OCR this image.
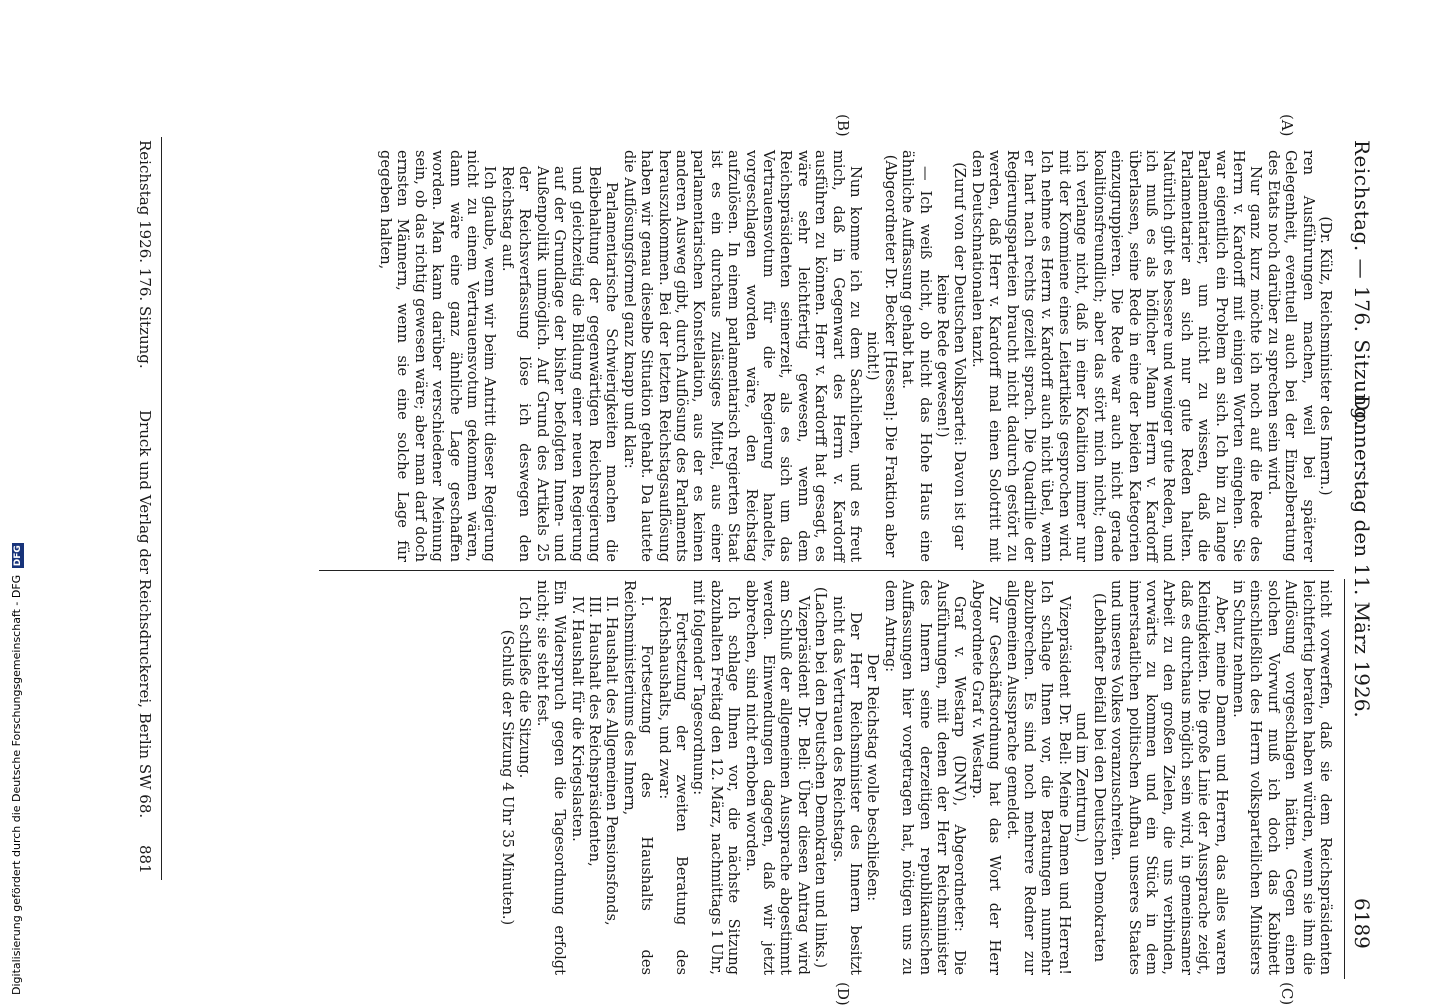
Reichstag. — 176. Sitzung.
Donnerstag den 11. März 1926.
6189
(A)
(B)
(C)
(D)

(Dr. Külz, Reichsminister des Innern.)

ren Ausführungen machen, weil bei späterer Gelegenheit, eventuell auch bei der Einzelberatung des Etats noch darüber zu sprechen sein wird.

Nur ganz kurz möchte ich noch auf die Rede des Herrn v. Kardorff mit einigen Worten eingehen. Sie war eigentlich ein Problem an sich. Ich bin zu lange Parlamentarier, um nicht zu wissen, daß die Parlamentarier an sich nur gute Reden halten. Natürlich gibt es bessere und weniger gute Reden, und ich muß es als höflicher Mann Herrn v. Kardorff überlassen, seine Rede in eine der beiden Kategorien einzugruppieren. Die Rede war auch nicht gerade koalitionsfreundlich; aber das stört mich nicht; denn ich verlange nicht, daß in einer Koalition immer nur mit der Kommiene eines Leitartikels gesprochen wird. Ich nehme es Herrn v. Kardorff auch nicht übel, wenn er hart nach rechts gezielt sprach. Die Quadrille der Regierungsparteien braucht nicht dadurch gestört zu werden, daß Herr v. Kardorff mal einen Solotritt mit den Deutschnationalen tanzt.

(Zuruf von der Deutschen Volkspartei: Davon ist gar keine Rede gewesen!)

— Ich weiß nicht, ob nicht das Hohe Haus eine ähnliche Auffassung gehabt hat.

(Abgeordneter Dr. Becker [Hessen]: Die Fraktion aber nicht!)

Nun komme ich zu dem Sachlichen, und es freut mich, daß in Gegenwart des Herrn v. Kardorff ausführen zu können. Herr v. Kardorff hat gesagt, es wäre sehr leichtfertig gewesen, wenn dem Reichspräsidenten seinerzeit, als es sich um das Vertrauensvotum für die Regierung handelte, vorgeschlagen worden wäre, den Reichstag aufzulösen. In einem parlamentarisch regierten Staat ist es ein durchaus zulässiges Mittel, aus einer parlamentarischen Konstellation, aus der es keinen anderen Ausweg gibt, durch Auflösung des Parlaments herauszukommen. Bei der letzten Reichstagsauflösung haben wir genau dieselbe Situation gehabt. Da lautete die Auflösungsformel ganz knapp und klar:

Parlamentarische Schwierigkeiten machen die Beibehaltung der gegenwärtigen Reichsregierung und gleichzeitig die Bildung einer neuen Regierung auf der Grundlage der bisher befolgten Innen- und Außenpolitik unmöglich. Auf Grund des Artikels 25 der Reichsverfassung löse ich deswegen den Reichstag auf.

Ich glaube, wenn wir beim Antritt dieser Regierung nicht zu einem Vertrauensvotum gekommen wären, dann wäre eine ganz ähnliche Lage geschaffen worden. Man kann darüber verschiedener Meinung sein, ob das richtig gewesen wäre; aber man darf doch ernsten Männern, wenn sie eine solche Lage für gegeben halten,

nicht vorwerfen, daß sie dem Reichspräsidenten leichtfertig beraten haben würden, wenn sie ihm die Auflösung vorgeschlagen hätten. Gegen einen solchen Vorwurf muß ich doch das Kabinett einschließlich des Herrn volksparteilichen Ministers in Schutz nehmen.

Aber, meine Damen und Herren, das alles waren Kleinigkeiten. Die große Linie der Aussprache zeigt, daß es durchaus möglich sein wird, in gemeinsamer Arbeit zu den großen Zielen, die uns verbinden, vorwärts zu kommen und ein Stück in dem innerstaatlichen politischen Aufbau unseres Staates und unseres Volkes voranzuschreiten.

(Lebhafter Beifall bei den Deutschen Demokraten und im Zentrum.)

Vizepräsident Dr. Bell: Meine Damen und Herren! Ich schlage Ihnen vor, die Beratungen nunmehr abzubrechen. Es sind noch mehrere Redner zur allgemeinen Aussprache gemeldet.

Zur Geschäftsordnung hat das Wort der Herr Abgeordnete Graf v. Westarp.

Graf v. Westarp (DNV), Abgeordneter: Die Ausführungen, mit denen der Herr Reichsminister des Innern seine derzeitigen republikanischen Auffassungen hier vorgetragen hat, nötigen uns zu dem Antrag:

Der Reichstag wolle beschließen:

Der Herr Reichsminister des Innern besitzt nicht das Vertrauen des Reichstags.

(Lachen bei den Deutschen Demokraten und links.)

Vizepräsident Dr. Bell: Über diesen Antrag wird am Schluß der allgemeinen Aussprache abgestimmt werden. Einwendungen dagegen, daß wir jetzt abbrechen, sind nicht erhoben worden.

Ich schlage Ihnen vor, die nächste Sitzung abzuhalten Freitag den 12. März, nachmittags 1 Uhr, mit folgender Tagesordnung:

Fortsetzung der zweiten Beratung des Reichshaushalts, und zwar:

I. Fortsetzung des Haushalts des Reichsministeriums des Innern,

II. Haushalt des Allgemeinen Pensionsfonds,

III. Haushalt des Reichspräsidenten,

IV. Haushalt für die Kriegslasten.

Ein Widerspruch gegen die Tagesordnung erfolgt nicht; sie steht fest.

Ich schließe die Sitzung.

(Schluß der Sitzung 4 Uhr 35 Minuten.)

Reichstag 1926. 176. Sitzung.
Druck und Verlag der Reichsdruckerei, Berlin SW 68.
881
Digitalisierung gefördert durch die Deutsche Forschungsgemeinschaft - DFG DFG
